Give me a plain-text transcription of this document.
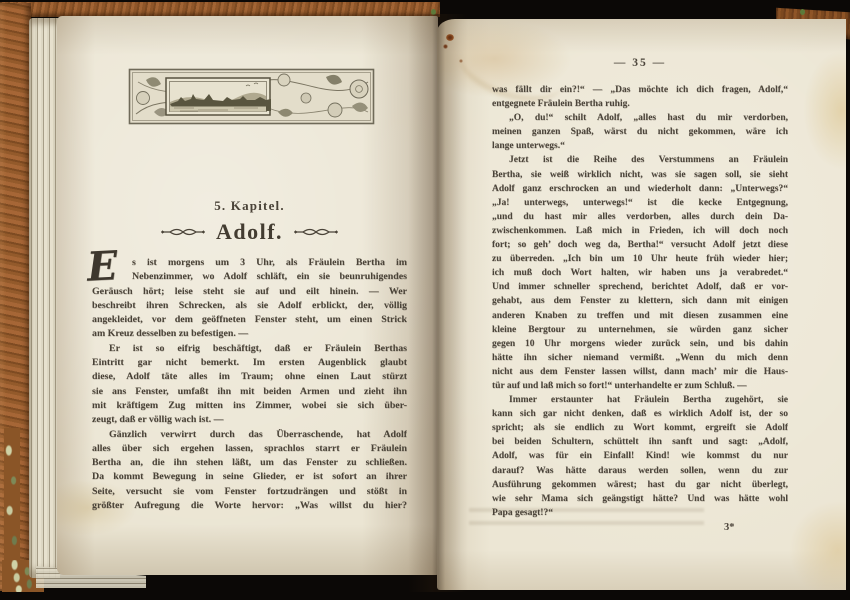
5. Kapitel.
Adolf.
E	s ist morgens um 3 Uhr, als Fräulein Bertha im
Nebenzimmer, wo Adolf schläft, ein sie beunruhigendes
Geräusch hört; leise steht sie auf und eilt hinein. — Wer
beschreibt ihren Schrecken, als sie Adolf erblickt, der, völlig
angekleidet, vor dem geöffneten Fenster steht, um einen Strick
am Kreuz desselben zu befestigen. —
Er ist so eifrig beschäftigt, daß er Fräulein Berthas
Eintritt gar nicht bemerkt. Im ersten Augenblick glaubt
diese, Adolf täte alles im Traum; ohne einen Laut stürzt
sie ans Fenster, umfaßt ihn mit beiden Armen und zieht ihn
mit kräftigem Zug mitten ins Zimmer, wobei sie sich über-
zeugt, daß er völlig wach ist. —
Gänzlich verwirrt durch das Überraschende, hat Adolf
alles über sich ergehen lassen, sprachlos starrt er Fräulein
Bertha an, die ihn stehen läßt, um das Fenster zu schließen.
Da kommt Bewegung in seine Glieder, er ist sofort an ihrer
Seite, versucht sie vom Fenster fortzudrängen und stößt in
größter Aufregung die Worte hervor: „Was willst du hier?
— 35 —
was fällt dir ein?!“ — „Das möchte ich dich fragen, Adolf,“
entgegnete Fräulein Bertha ruhig.
„O, du!“ schilt Adolf, „alles hast du mir verdorben,
meinen ganzen Spaß, wärst du nicht gekommen, wäre ich
lange unterwegs.“
Jetzt ist die Reihe des Verstummens an Fräulein
Bertha, sie weiß wirklich nicht, was sie sagen soll, sie sieht
Adolf ganz erschrocken an und wiederholt dann: „Unterwegs?“
„Ja! unterwegs, unterwegs!“ ist die kecke Entgegnung,
„und du hast mir alles verdorben, alles durch dein Da-
zwischenkommen. Laß mich in Frieden, ich will doch noch
fort; so geh’ doch weg da, Bertha!“ versucht Adolf jetzt diese
zu überreden. „Ich bin um 10 Uhr heute früh wieder hier;
ich muß doch Wort halten, wir haben uns ja verabredet.“
Und immer schneller sprechend, berichtet Adolf, daß er vor-
gehabt, aus dem Fenster zu klettern, sich dann mit einigen
anderen Knaben zu treffen und mit diesen zusammen eine
kleine Bergtour zu unternehmen, sie würden ganz sicher
gegen 10 Uhr morgens wieder zurück sein, und bis dahin
hätte ihn sicher niemand vermißt. „Wenn du mich denn
nicht aus dem Fenster lassen willst, dann mach’ mir die Haus-
tür auf und laß mich so fort!“ unterhandelte er zum Schluß. —
Immer erstaunter hat Fräulein Bertha zugehört, sie
kann sich gar nicht denken, daß es wirklich Adolf ist, der so
spricht; als sie endlich zu Wort kommt, ergreift sie Adolf
bei beiden Schultern, schüttelt ihn sanft und sagt: „Adolf,
Adolf, was für ein Einfall! Kind! wie kommst du nur
darauf? Was hätte daraus werden sollen, wenn du zur
Ausführung gekommen wärest; hast du gar nicht überlegt,
wie sehr Mama sich geängstigt hätte? Und was hätte wohl
Papa gesagt!?“
3*
